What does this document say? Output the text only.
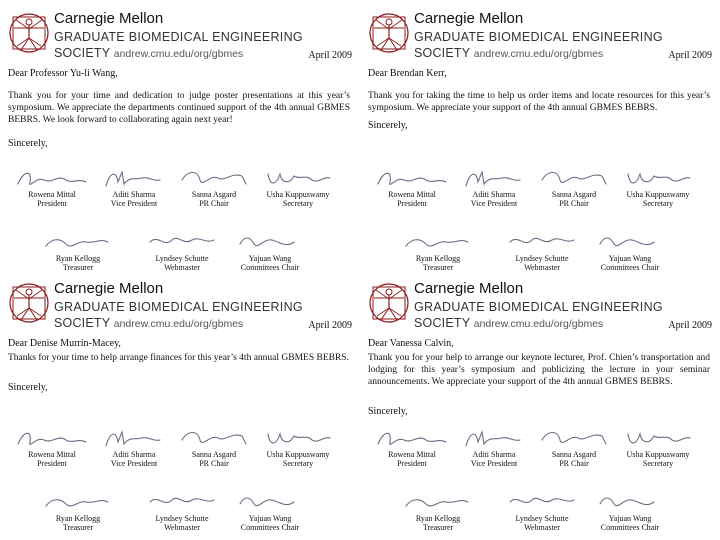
Carnegie Mellon
GRADUATE BIOMEDICAL ENGINEERING
SOCIETY andrew.cmu.edu/org/gbmes	April 2009
Dear Professor Yu-li Wang,
Thank you for your time and dedication to judge poster presentations at this year’s symposium. We appreciate the departments continued support of the 4th annual GBMES BEBRS. We look forward to collaborating again next year!
Sincerely,
Rowena Mittal
President
Aditi Sharma
Vice President
Sanna Asgard
PR Chair
Usha Kuppuswamy
Secretary
Ryan Kellogg
Treasurer
Lyndsey Schutte
Webmaster
Yajuan Wang
Committees Chair
Carnegie Mellon
GRADUATE BIOMEDICAL ENGINEERING
SOCIETY andrew.cmu.edu/org/gbmes	April 2009
Dear Brendan Kerr,
Thank you for taking the time to help us order items and locate resources for this year’s symposium. We appreciate your support of the 4th annual GBMES BEBRS.
Sincerely,
Rowena Mittal
President
Aditi Sharma
Vice President
Sanna Asgard
PR Chair
Usha Kuppuswamy
Secretary
Ryan Kellogg
Treasurer
Lyndsey Schutte
Webmaster
Yajuan Wang
Committees Chair
Carnegie Mellon
GRADUATE BIOMEDICAL ENGINEERING
SOCIETY andrew.cmu.edu/org/gbmes	April 2009
Dear Denise Murrin-Macey,
Thanks for your time to help arrange finances for this year’s 4th annual GBMES BEBRS.
Sincerely,
Rowena Mittal
President
Aditi Sharma
Vice President
Sanna Asgard
PR Chair
Usha Kuppuswamy
Secretary
Ryan Kellogg
Treasurer
Lyndsey Schutte
Webmaster
Yajuan Wang
Committees Chair
Carnegie Mellon
GRADUATE BIOMEDICAL ENGINEERING
SOCIETY andrew.cmu.edu/org/gbmes	April 2009
Dear Vanessa Calvin,
Thank you for your help to arrange our keynote lecturer, Prof. Chien’s transportation and lodging for this year’s symposium and publicizing the lecture in your seminar announcements. We appreciate your support of the 4th annual GBMES BEBRS.
Sincerely,
Rowena Mittal
President
Aditi Sharma
Vice President
Sanna Asgard
PR Chair
Usha Kuppuswamy
Secretary
Ryan Kellogg
Treasurer
Lyndsey Schutte
Webmaster
Yajuan Wang
Committees Chair
